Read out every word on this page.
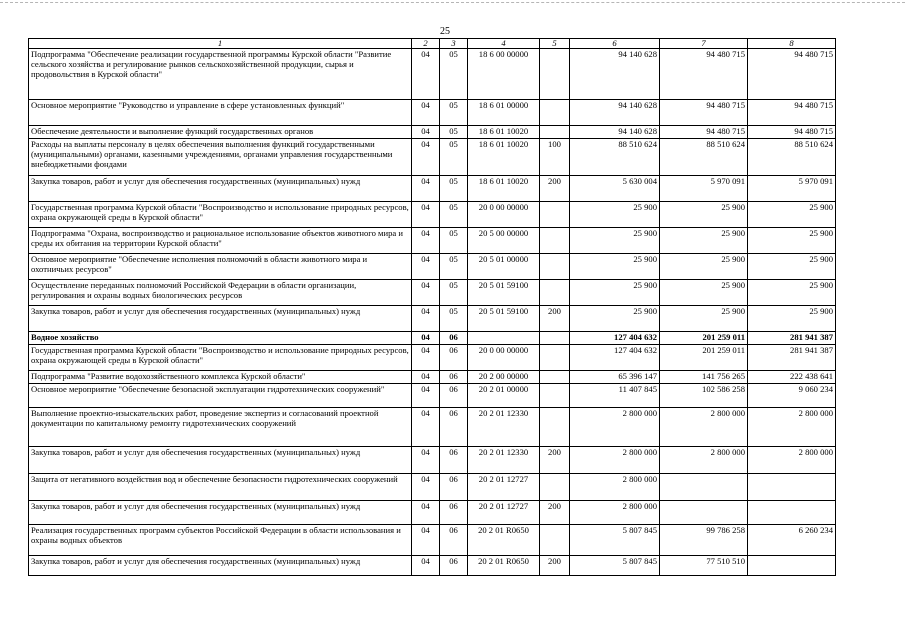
25
1	2	3	4	5	6	7	8
Подпрограмма "Обеспечение реализации государственной программы Курской области "Развитие сельского хозяйства и регулирование рынков сельскохозяйственной продукции, сырья и продовольствия в Курской области"	04	05	18 6 00 00000		94 140 628	94 480 715	94 480 715
Основное мероприятие "Руководство и управление в сфере установленных функций"	04	05	18 6 01 00000		94 140 628	94 480 715	94 480 715
Обеспечение деятельности и выполнение функций государственных органов	04	05	18 6 01 10020		94 140 628	94 480 715	94 480 715
Расходы на выплаты персоналу в целях обеспечения выполнения функций государственными (муниципальными) органами, казенными учреждениями, органами управления государственными внебюджетными фондами	04	05	18 6 01 10020	100	88 510 624	88 510 624	88 510 624
Закупка товаров, работ и услуг для обеспечения государственных (муниципальных) нужд	04	05	18 6 01 10020	200	5 630 004	5 970 091	5 970 091
Государственная программа Курской области "Воспроизводство и использование природных ресурсов, охрана окружающей среды в Курской области"	04	05	20 0 00 00000		25 900	25 900	25 900
Подпрограмма "Охрана, воспроизводство и рациональное использование объектов животного мира и среды их обитания на территории Курской области"	04	05	20 5 00 00000		25 900	25 900	25 900
Основное мероприятие "Обеспечение исполнения полномочий в области животного мира и охотничьих ресурсов"	04	05	20 5 01 00000		25 900	25 900	25 900
Осуществление переданных полномочий Российской Федерации в области организации, регулирования и охраны водных биологических ресурсов	04	05	20 5 01 59100		25 900	25 900	25 900
Закупка товаров, работ и услуг для обеспечения государственных (муниципальных) нужд	04	05	20 5 01 59100	200	25 900	25 900	25 900
Водное хозяйство	04	06			127 404 632	201 259 011	281 941 387
Государственная программа Курской области "Воспроизводство и использование природных ресурсов, охрана окружающей среды в Курской области"	04	06	20 0 00 00000		127 404 632	201 259 011	281 941 387
Подпрограмма "Развитие водохозяйственного комплекса Курской области"	04	06	20 2 00 00000		65 396 147	141 756 265	222 438 641
Основное мероприятие "Обеспечение безопасной эксплуатации гидротехнических сооружений"	04	06	20 2 01 00000		11 407 845	102 586 258	9 060 234
Выполнение проектно-изыскательских работ, проведение экспертиз и согласований проектной документации по капитальному ремонту гидротехнических сооружений	04	06	20 2 01 12330		2 800 000	2 800 000	2 800 000
Закупка товаров, работ и услуг для обеспечения государственных (муниципальных) нужд	04	06	20 2 01 12330	200	2 800 000	2 800 000	2 800 000
Защита от негативного воздействия вод и обеспечение безопасности гидротехнических сооружений	04	06	20 2 01 12727		2 800 000		
Закупка товаров, работ и услуг для обеспечения государственных (муниципальных) нужд	04	06	20 2 01 12727	200	2 800 000		
Реализация государственных программ субъектов Российской Федерации в области использования и охраны водных объектов	04	06	20 2 01 R0650		5 807 845	99 786 258	6 260 234
Закупка товаров, работ и услуг для обеспечения государственных (муниципальных) нужд	04	06	20 2 01 R0650	200	5 807 845	77 510 510	
